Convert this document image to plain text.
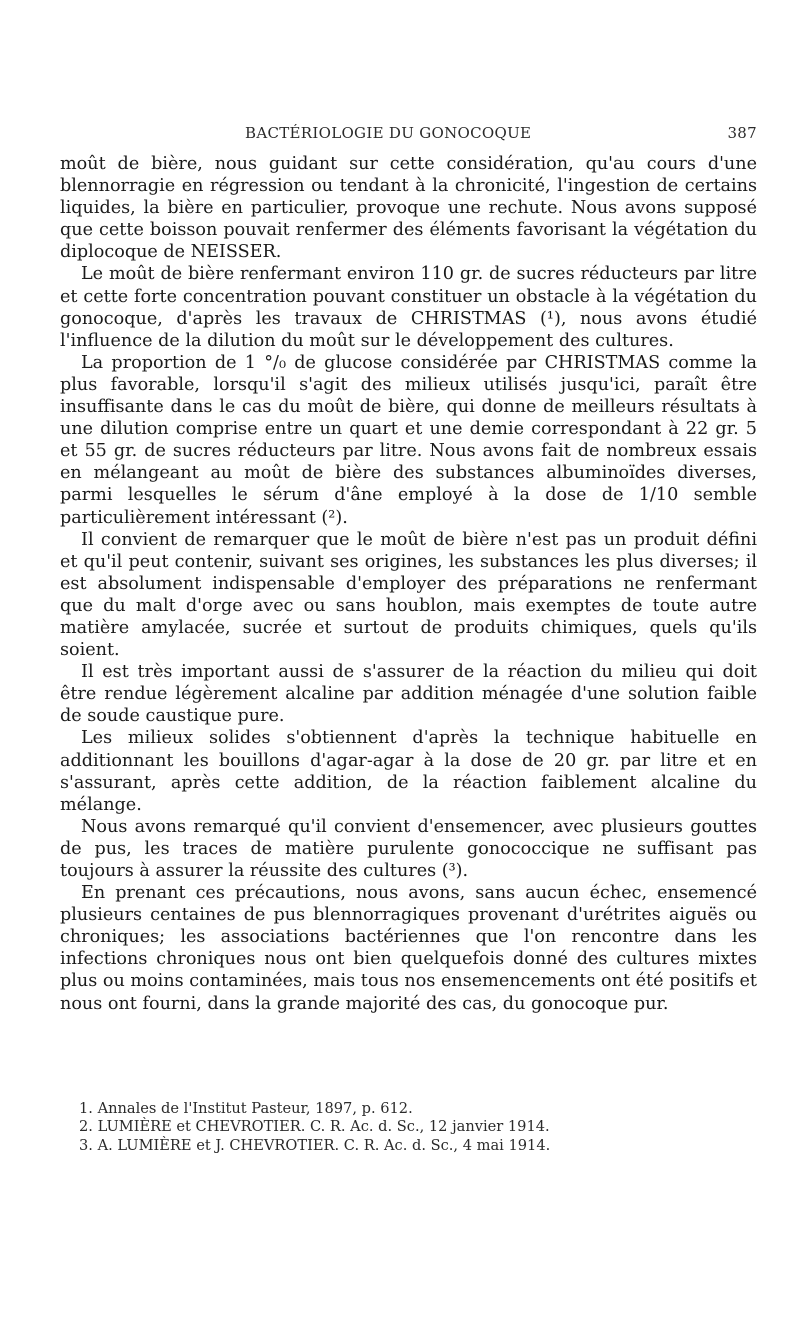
BACTÉRIOLOGIE DU GONOCOQUE	387

moût de bière, nous guidant sur cette considération, qu'au cours d'une blennorragie en régression ou tendant à la chronicité, l'ingestion de certains liquides, la bière en particulier, provoque une rechute. Nous avons supposé que cette boisson pouvait renfermer des éléments favorisant la végétation du diplocoque de NEISSER.

Le moût de bière renfermant environ 110 gr. de sucres réducteurs par litre et cette forte concentration pouvant constituer un obstacle à la végétation du gonocoque, d'après les travaux de CHRISTMAS (¹), nous avons étudié l'influence de la dilution du moût sur le développement des cultures.

La proportion de 1 °/₀ de glucose considérée par CHRISTMAS comme la plus favorable, lorsqu'il s'agit des milieux utilisés jusqu'ici, paraît être insuffisante dans le cas du moût de bière, qui donne de meilleurs résultats à une dilution comprise entre un quart et une demie correspondant à 22 gr. 5 et 55 gr. de sucres réducteurs par litre. Nous avons fait de nombreux essais en mélangeant au moût de bière des substances albuminoïdes diverses, parmi lesquelles le sérum d'âne employé à la dose de 1/10 semble particulièrement intéressant (²).

Il convient de remarquer que le moût de bière n'est pas un produit défini et qu'il peut contenir, suivant ses origines, les substances les plus diverses; il est absolument indispensable d'employer des préparations ne renfermant que du malt d'orge avec ou sans houblon, mais exemptes de toute autre matière amylacée, sucrée et surtout de produits chimiques, quels qu'ils soient.

Il est très important aussi de s'assurer de la réaction du milieu qui doit être rendue légèrement alcaline par addition ménagée d'une solution faible de soude caustique pure.

Les milieux solides s'obtiennent d'après la technique habituelle en additionnant les bouillons d'agar-agar à la dose de 20 gr. par litre et en s'assurant, après cette addition, de la réaction faiblement alcaline du mélange.

Nous avons remarqué qu'il convient d'ensemencer, avec plusieurs gouttes de pus, les traces de matière purulente gonococcique ne suffisant pas toujours à assurer la réussite des cultures (³).

En prenant ces précautions, nous avons, sans aucun échec, ensemencé plusieurs centaines de pus blennorragiques provenant d'urétrites aiguës ou chroniques; les associations bactériennes que l'on rencontre dans les infections chroniques nous ont bien quelquefois donné des cultures mixtes plus ou moins contaminées, mais tous nos ensemencements ont été positifs et nous ont fourni, dans la grande majorité des cas, du gonocoque pur.

1. Annales de l'Institut Pasteur, 1897, p. 612.
2. LUMIÈRE et CHEVROTIER. C. R. Ac. d. Sc., 12 janvier 1914.
3. A. LUMIÈRE et J. CHEVROTIER. C. R. Ac. d. Sc., 4 mai 1914.
